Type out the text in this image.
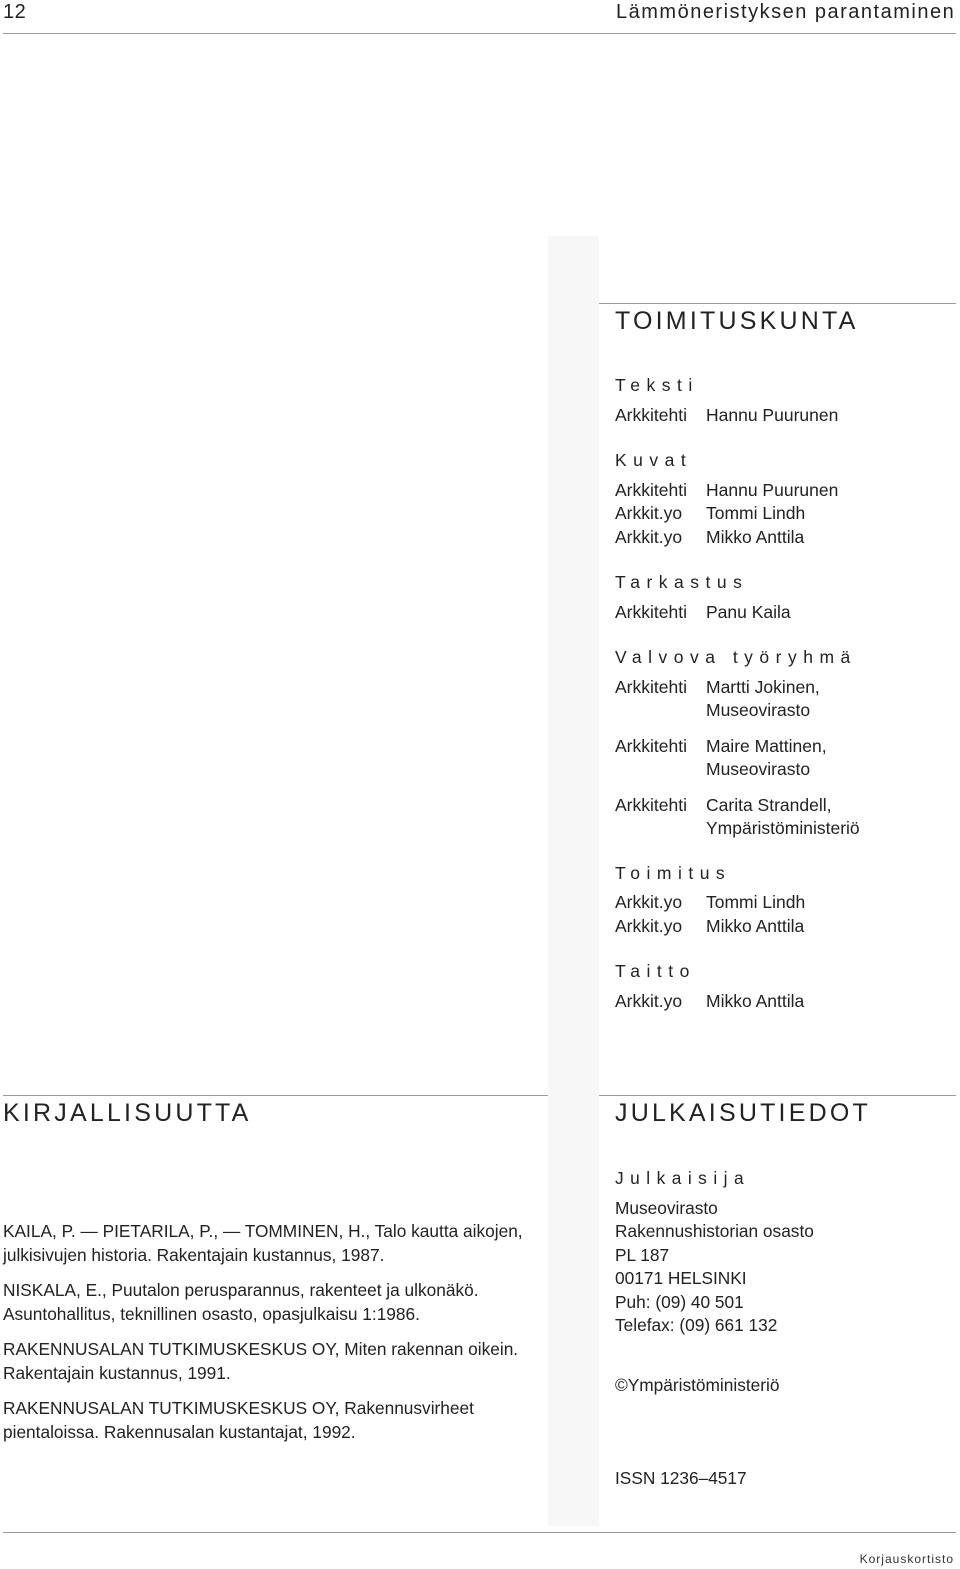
12	Lämmöneristyksen parantaminen
TOIMITUSKUNTA
Teksti
Arkkitehti	Hannu Puurunen
Kuvat
Arkkitehti	Hannu Puurunen
Arkkit.yo	Tommi Lindh
Arkkit.yo	Mikko Anttila
Tarkastus
Arkkitehti	Panu Kaila
Valvova työryhmä
Arkkitehti	Martti Jokinen,
Museovirasto
Arkkitehti	Maire Mattinen,
Museovirasto
Arkkitehti	Carita Strandell,
Ympäristöministeriö
Toimitus
Arkkit.yo	Tommi Lindh
Arkkit.yo	Mikko Anttila
Taitto
Arkkit.yo	Mikko Anttila
KIRJALLISUUTTA
KAILA, P. — PIETARILA, P., — TOMMINEN, H., Talo kautta aikojen, julkisivujen historia. Rakentajain kustannus, 1987.
NISKALA, E., Puutalon perusparannus, rakenteet ja ulkonäkö. Asuntohallitus, teknillinen osasto, opasjulkaisu 1:1986.
RAKENNUSALAN TUTKIMUSKESKUS OY, Miten rakennan oikein. Rakentajain kustannus, 1991.
RAKENNUSALAN TUTKIMUSKESKUS OY, Rakennusvirheet pientaloissa. Rakennusalan kustantajat, 1992.
JULKAISUTIEDOT
Julkaisija
Museovirasto
Rakennushistorian osasto
PL 187
00171 HELSINKI
Puh: (09) 40 501
Telefax: (09) 661 132
©Ympäristöministeriö
ISSN 1236–4517
Korjauskortisto
